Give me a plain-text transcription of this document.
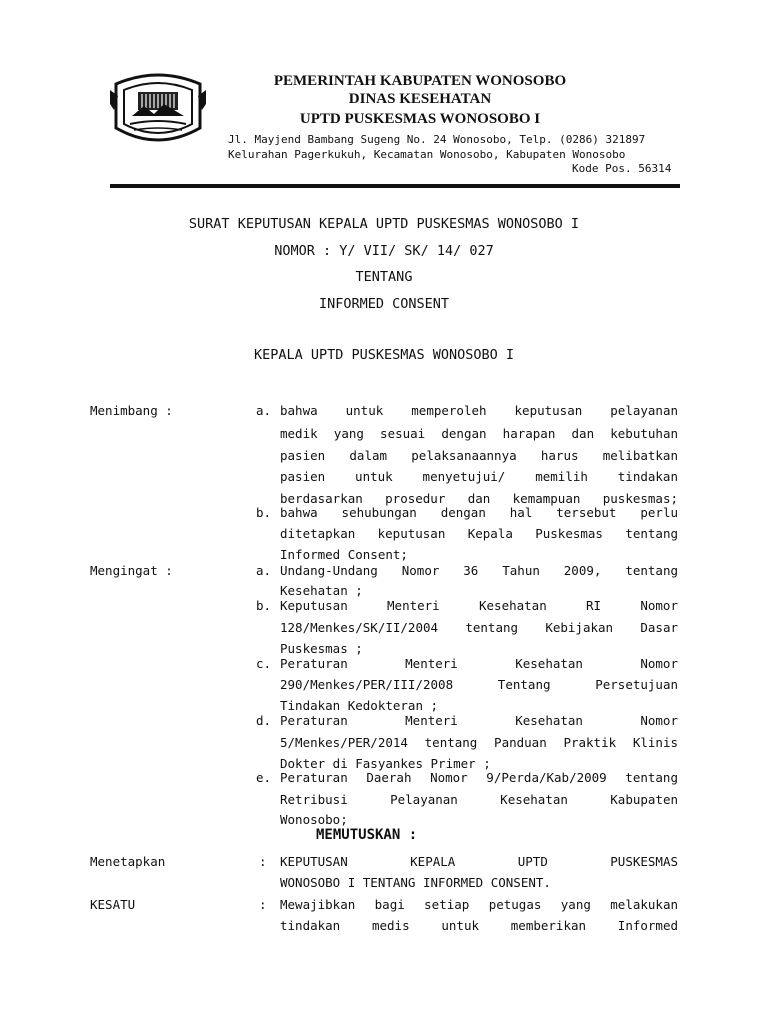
PEMERINTAH KABUPATEN WONOSOBO
DINAS KESEHATAN
UPTD PUSKESMAS WONOSOBO I
Jl. Mayjend Bambang Sugeng No. 24 Wonosobo, Telp. (0286) 321897
Kelurahan Pagerkukuh, Kecamatan Wonosobo, Kabupaten Wonosobo
Kode Pos. 56314
SURAT KEPUTUSAN KEPALA UPTD PUSKESMAS WONOSOBO I
NOMOR : Y/ VII/ SK/ 14/ 027
TENTANG
INFORMED CONSENT
KEPALA UPTD PUSKESMAS WONOSOBO I
Menimbang :	a. bahwa untuk memperoleh keputusan pelayanan
medik yang sesuai dengan harapan dan kebutuhan
pasien dalam pelaksanaannya harus melibatkan
pasien untuk menyetujui/ memilih tindakan
berdasarkan prosedur dan kemampuan puskesmas;
b. bahwa sehubungan dengan hal tersebut perlu
ditetapkan keputusan Kepala Puskesmas tentang
Informed Consent;
Mengingat :	a. Undang-Undang Nomor 36 Tahun 2009, tentang
Kesehatan ;
b. Keputusan Menteri Kesehatan RI Nomor
128/Menkes/SK/II/2004 tentang Kebijakan Dasar
Puskesmas ;
c. Peraturan Menteri Kesehatan Nomor
290/Menkes/PER/III/2008 Tentang Persetujuan
Tindakan Kedokteran ;
d. Peraturan Menteri Kesehatan Nomor
5/Menkes/PER/2014 tentang Panduan Praktik Klinis
Dokter di Fasyankes Primer ;
e. Peraturan Daerah Nomor 9/Perda/Kab/2009 tentang
Retribusi Pelayanan Kesehatan Kabupaten
Wonosobo;
MEMUTUSKAN :
Menetapkan	: KEPUTUSAN KEPALA UPTD PUSKESMAS
WONOSOBO I TENTANG INFORMED CONSENT.
KESATU	: Mewajibkan bagi setiap petugas yang melakukan
tindakan medis untuk memberikan Informed
